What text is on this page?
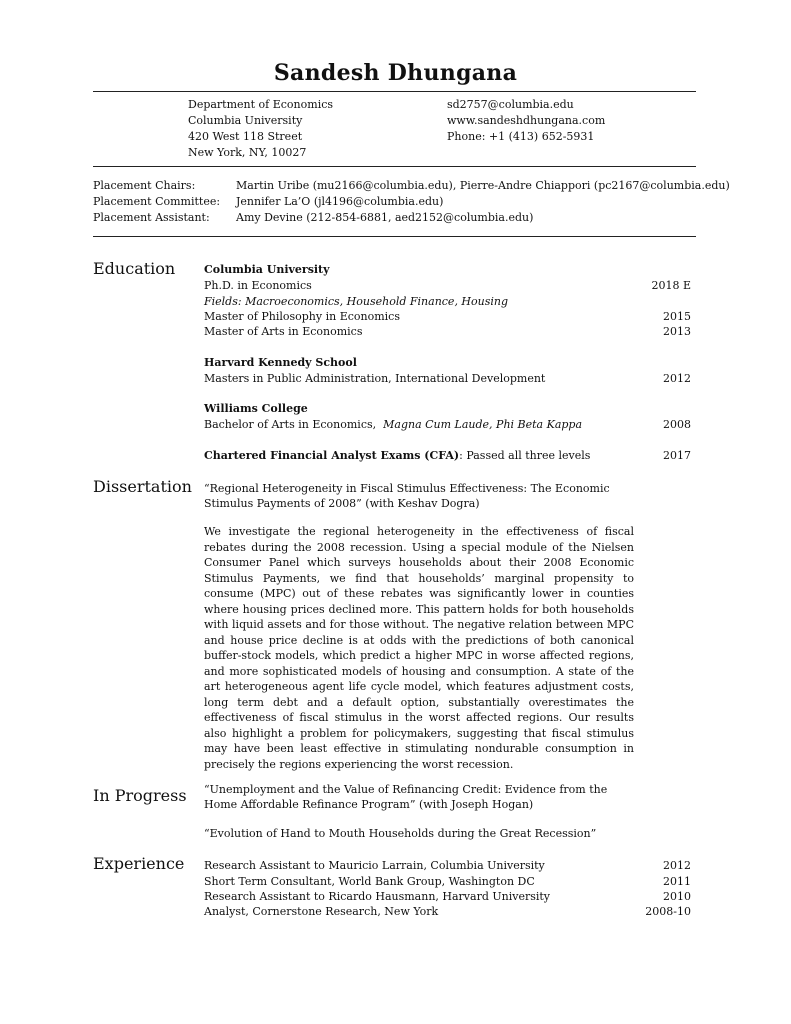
Sandesh Dhungana
Department of Economics
Columbia University
420 West 118 Street
New York, NY, 10027
sd2757@columbia.edu
www.sandeshdhungana.com
Phone: +1 (413) 652-5931
Placement Chairs:	Martin Uribe (mu2166@columbia.edu), Pierre-Andre Chiappori (pc2167@columbia.edu)
Placement Committee: Jennifer La’O (jl4196@columbia.edu)
Placement Assistant: Amy Devine (212-854-6881, aed2152@columbia.edu)
Education	Columbia University
Ph.D. in Economics	2018 E
Fields: Macroeconomics, Household Finance, Housing
Master of Philosophy in Economics	2015
Master of Arts in Economics	2013
Harvard Kennedy School
Masters in Public Administration, International Development	2012
Williams College
Bachelor of Arts in Economics, Magna Cum Laude, Phi Beta Kappa	2008
Chartered Financial Analyst Exams (CFA): Passed all three levels	2017
Dissertation “Regional Heterogeneity in Fiscal Stimulus Effectiveness: The Economic
Stimulus Payments of 2008” (with Keshav Dogra)
We investigate the regional heterogeneity in the effectiveness of fiscal rebates during the 2008 recession. Using a special module of the Nielsen Consumer Panel which surveys households about their 2008 Economic Stimulus Payments, we find that households’ marginal propensity to consume (MPC) out of these rebates was significantly lower in counties where housing prices declined more. This pattern holds for both households with liquid assets and for those without. The negative relation between MPC and house price decline is at odds with the predictions of both canonical buffer-stock models, which predict a higher MPC in worse affected regions, and more sophisticated models of housing and consumption. A state of the art heterogeneous agent life cycle model, which features adjustment costs, long term debt and a default option, substantially overestimates the effectiveness of fiscal stimulus in the worst affected regions. Our results also highlight a problem for policymakers, suggesting that fiscal stimulus may have been least effective in stimulating nondurable consumption in precisely the regions experiencing the worst recession.
In Progress “Unemployment and the Value of Refinancing Credit: Evidence from the
Home Affordable Refinance Program” (with Joseph Hogan)
“Evolution of Hand to Mouth Households during the Great Recession”
Experience Research Assistant to Mauricio Larrain, Columbia University	2012
Short Term Consultant, World Bank Group, Washington DC	2011
Research Assistant to Ricardo Hausmann, Harvard University	2010
Analyst, Cornerstone Research, New York	2008-10
